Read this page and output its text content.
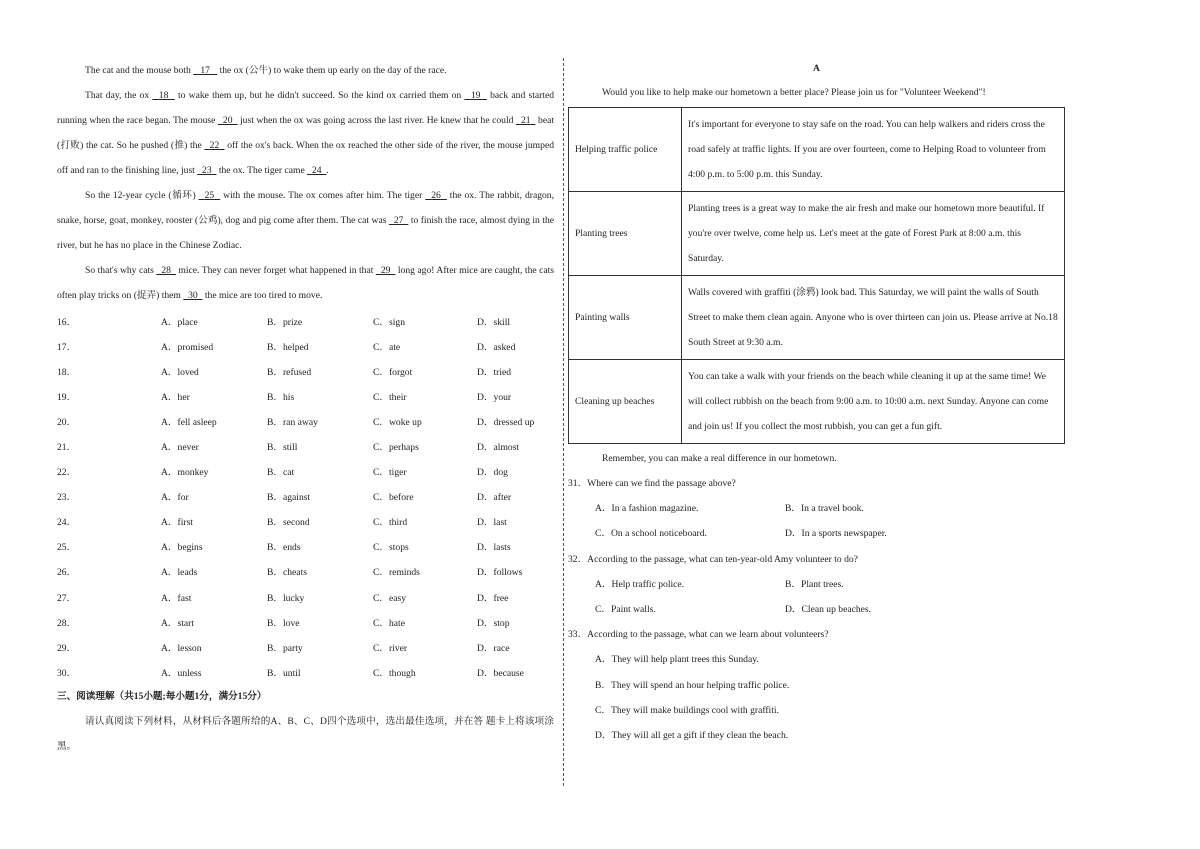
The cat and the mouse both    17    the ox (公牛) to wake them up early on the day of the race.

That day, the ox   18   to wake them up, but he didn't succeed. So the kind ox carried them on   19   back and started running when the race began. The mouse   20   just when the ox was going across the last river. He knew that he could   21   beat (打败) the cat. So he pushed (推) the   22   off the ox's back. When the ox reached the other side of the river, the mouse jumped off and ran to the finishing line, just   23   the ox. The tiger came   24 .

So the 12-year cycle (循环)   25   with the mouse. The ox comes after him. The tiger   26   the ox. The rabbit, dragon, snake, horse, goat, monkey, rooster (公鸡), dog and pig come after them. The cat was   27   to finish the race, almost dying in the river, but he has no place in the Chinese Zodiac.

So that's why cats   28   mice. They can never forget what happened in that   29   long ago! After mice are caught, the cats often play tricks on (捉弄) them   30   the mice are too tired to move.

16．	A．place	B．prize	C．sign	D．skill
17．	A．promised	B．helped	C．ate	D．asked
18．	A．loved	B．refused	C．forgot	D．tried
19．	A．her	B．his	C．their	D．your
20．	A．fell asleep	B．ran away	C．woke up	D．dressed up
21．	A．never	B．still	C．perhaps	D．almost
22．	A．monkey	B．cat	C．tiger	D．dog
23．	A．for	B．against	C．before	D．after
24．	A．first	B．second	C．third	D．last
25．	A．begins	B．ends	C．stops	D．lasts
26．	A．leads	B．cheats	C．reminds	D．follows
27．	A．fast	B．lucky	C．easy	D．free
28．	A．start	B．love	C．hate	D．stop
29．	A．lesson	B．party	C．river	D．race
30．	A．unless	B．until	C．though	D．because
三、阅读理解（共15小题;每小题1分，满分15分）

请认真阅读下列材料，从材料后各题所给的A、B、C、D四个选项中，选出最佳选项，并在答 题卡上将该项涂黑。

A
Would you like to help make our hometown a better place? Please join us for "Volunteer Weekend"!
Helping traffic police	It's important for everyone to stay safe on the road. You can help walkers and riders cross the road safely at traffic lights. If you are over fourteen, come to Helping Road to volunteer from 4:00 p.m. to 5:00 p.m. this Sunday.
Planting trees	Planting trees is a great way to make the air fresh and make our hometown more beautiful. If you're over twelve, come help us. Let's meet at the gate of Forest Park at 8:00 a.m. this Saturday.
Painting walls	Walls covered with graffiti (涂鸦) look bad. This Saturday, we will paint the walls of South Street to make them clean again. Anyone who is over thirteen can join us. Please arrive at No.18 South Street at 9:30 a.m.
Cleaning up beaches	You can take a walk with your friends on the beach while cleaning it up at the same time! We will collect rubbish on the beach from 9:00 a.m. to 10:00 a.m. next Sunday. Anyone can come and join us! If you collect the most rubbish, you can get a fun gift.
Remember, you can make a real difference in our hometown.
31．Where can we find the passage above?
A．In a fashion magazine.	B．In a travel book.
C．On a school noticeboard.	D．In a sports newspaper.
32．According to the passage, what can ten-year-old Amy volunteer to do?
A．Help traffic police.	B．Plant trees.
C．Paint walls.	D．Clean up beaches.
33．According to the passage, what can we learn about volunteers?
A．They will help plant trees this Sunday.
B．They will spend an hour helping traffic police.
C．They will make buildings cool with graffiti.
D．They will all get a gift if they clean the beach.
